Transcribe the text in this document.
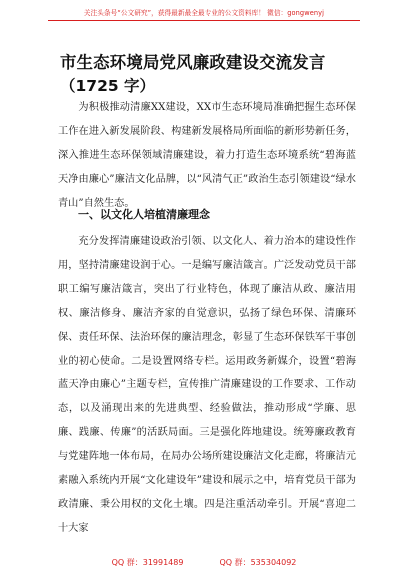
关注头条号“公文研究”，获得最新最全最专业的公文资料库！ 微信：gongwenyj
市生态环境局党风廉政建设交流发言
（1725 字）

为积极推动清廉XX建设，XX市生态环境局准确把握生态环保工作在进入新发展阶段、构建新发展格局所面临的新形势新任务，深入推进生态环保领域清廉建设，着力打造生态环境系统“碧海蓝天净由廉心”廉洁文化品牌，以“风清气正”政治生态引领建设“绿水青山”自然生态。

一、以文化人培植清廉理念

充分发挥清廉建设政治引领、以文化人、着力治本的建设性作用，坚持清廉建设润于心。一是编写廉洁箴言。广泛发动党员干部职工编写廉洁箴言，突出了行业特色，体现了廉洁从政、廉洁用权、廉洁修身、廉洁齐家的自觉意识，弘扬了绿色环保、清廉环保、责任环保、法治环保的廉洁理念，彰显了生态环保铁军干事创业的初心使命。二是设置网络专栏。运用政务新媒介，设置“碧海蓝天净由廉心”主题专栏，宣传推广清廉建设的工作要求、工作动态，以及涌现出来的先进典型、经验做法，推动形成“学廉、思廉、践廉、传廉”的活跃局面。三是强化阵地建设。统筹廉政教育与党建阵地一体布局，在局办公场所建设廉洁文化走廊，将廉洁元素融入系统内开展“文化建设年”建设和展示之中，培育党员干部为政清廉、秉公用权的文化土壤。四是注重活动牵引。开展“喜迎二十大家

QQ 群：31991489	QQ 群：535304092
